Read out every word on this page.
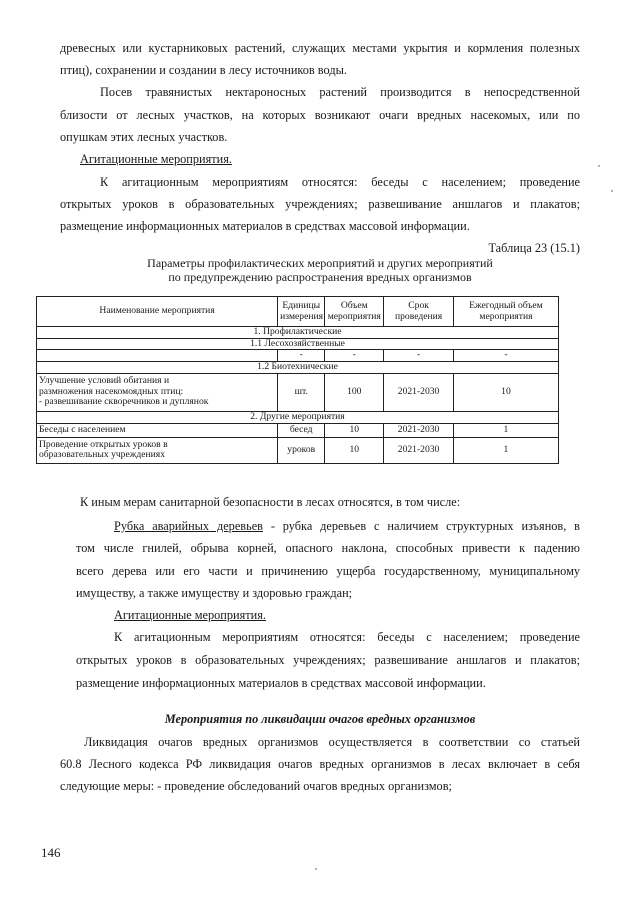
древесных или кустарниковых растений, служащих местами укрытия и кормления полезных
птиц), сохранении и создании в лесу источников воды.
Посев травянистых нектароносных растений производится в непосредственной
близости от лесных участков, на которых возникают очаги вредных насекомых, или по
опушкам этих лесных участков.
Агитационные мероприятия.
К агитационным мероприятиям относятся: беседы с населением; проведение
открытых уроков в образовательных учреждениях; развешивание аншлагов и плакатов;
размещение информационных материалов в средствах массовой информации.
Таблица 23 (15.1)
Параметры профилактических мероприятий и других мероприятий
по предупреждению распространения вредных организмов
Наименование мероприятия	Единицы измерения	Объем мероприятия	Срок проведения	Ежегодный объем мероприятия
1. Профилактические				
1.1 Лесохозяйственные				
	-	-	-	-
1.2 Биотехнические				

Улучшение условий обитания и
размножения насекомоядных птиц:
- развешивание скворечников и дуплянок	шт.	100	2021-2030	10
2. Другие мероприятия				
Беседы с населением	бесед	10	2021-2030	1

Проведение открытых уроков в
образовательных учреждениях	уроков	10	2021-2030	1
К иным мерам санитарной безопасности в лесах относятся, в том числе:
Рубка аварийных деревьев - рубка деревьев с наличием структурных изъянов, в
том числе гнилей, обрыва корней, опасного наклона, способных привести к падению
всего дерева или его части и причинению ущерба государственному, муниципальному
имуществу, а также имуществу и здоровью граждан;
Агитационные мероприятия.
К агитационным мероприятиям относятся: беседы с населением; проведение
открытых уроков в образовательных учреждениях; развешивание аншлагов и плакатов;
размещение информационных материалов в средствах массовой информации.
Мероприятия по ликвидации очагов вредных организмов
Ликвидация очагов вредных организмов осуществляется в соответствии со статьей
60.8 Лесного кодекса РФ ликвидация очагов вредных организмов в лесах включает в себя
следующие меры: - проведение обследований очагов вредных организмов;
146
